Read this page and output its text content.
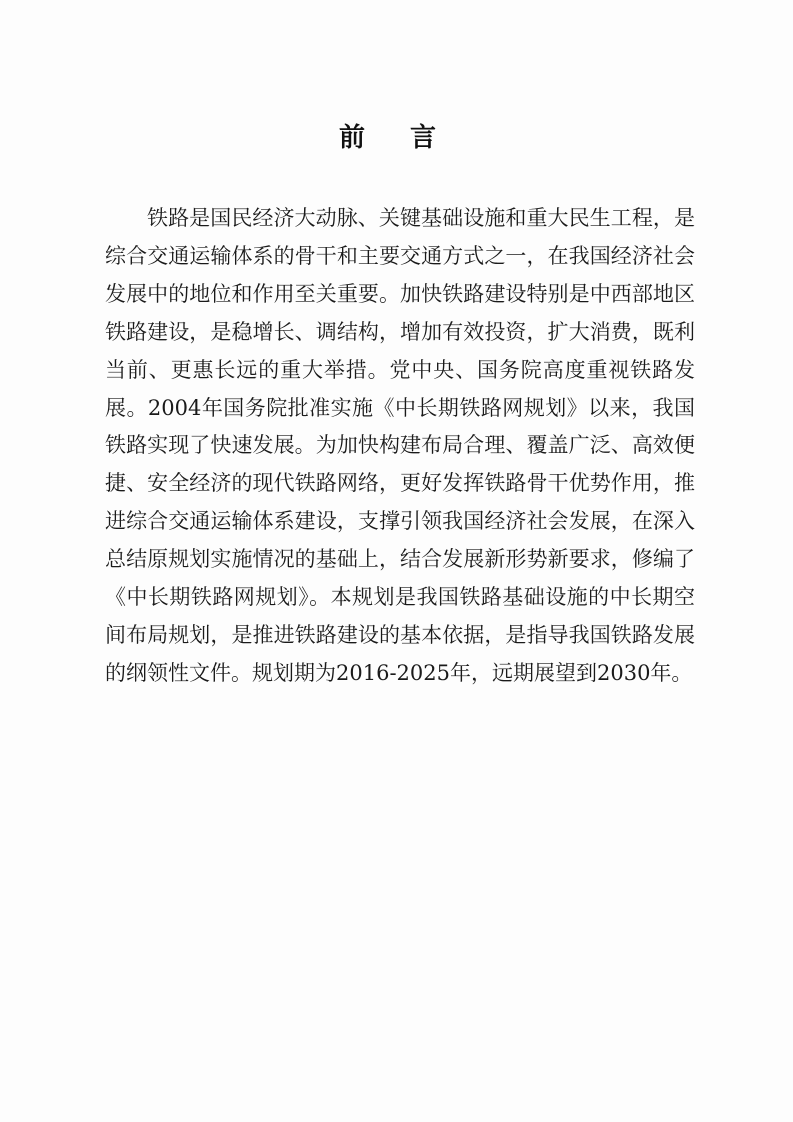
前 言

铁路是国民经济大动脉、关键基础设施和重大民生工程，是综合交通运输体系的骨干和主要交通方式之一，在我国经济社会发展中的地位和作用至关重要。加快铁路建设特别是中西部地区铁路建设，是稳增长、调结构，增加有效投资，扩大消费，既利当前、更惠长远的重大举措。党中央、国务院高度重视铁路发展。2004年国务院批准实施《中长期铁路网规划》以来，我国铁路实现了快速发展。为加快构建布局合理、覆盖广泛、高效便捷、安全经济的现代铁路网络，更好发挥铁路骨干优势作用，推进综合交通运输体系建设，支撑引领我国经济社会发展，在深入总结原规划实施情况的基础上，结合发展新形势新要求，修编了《中长期铁路网规划》。本规划是我国铁路基础设施的中长期空间布局规划，是推进铁路建设的基本依据，是指导我国铁路发展的纲领性文件。规划期为2016-2025年，远期展望到2030年。
